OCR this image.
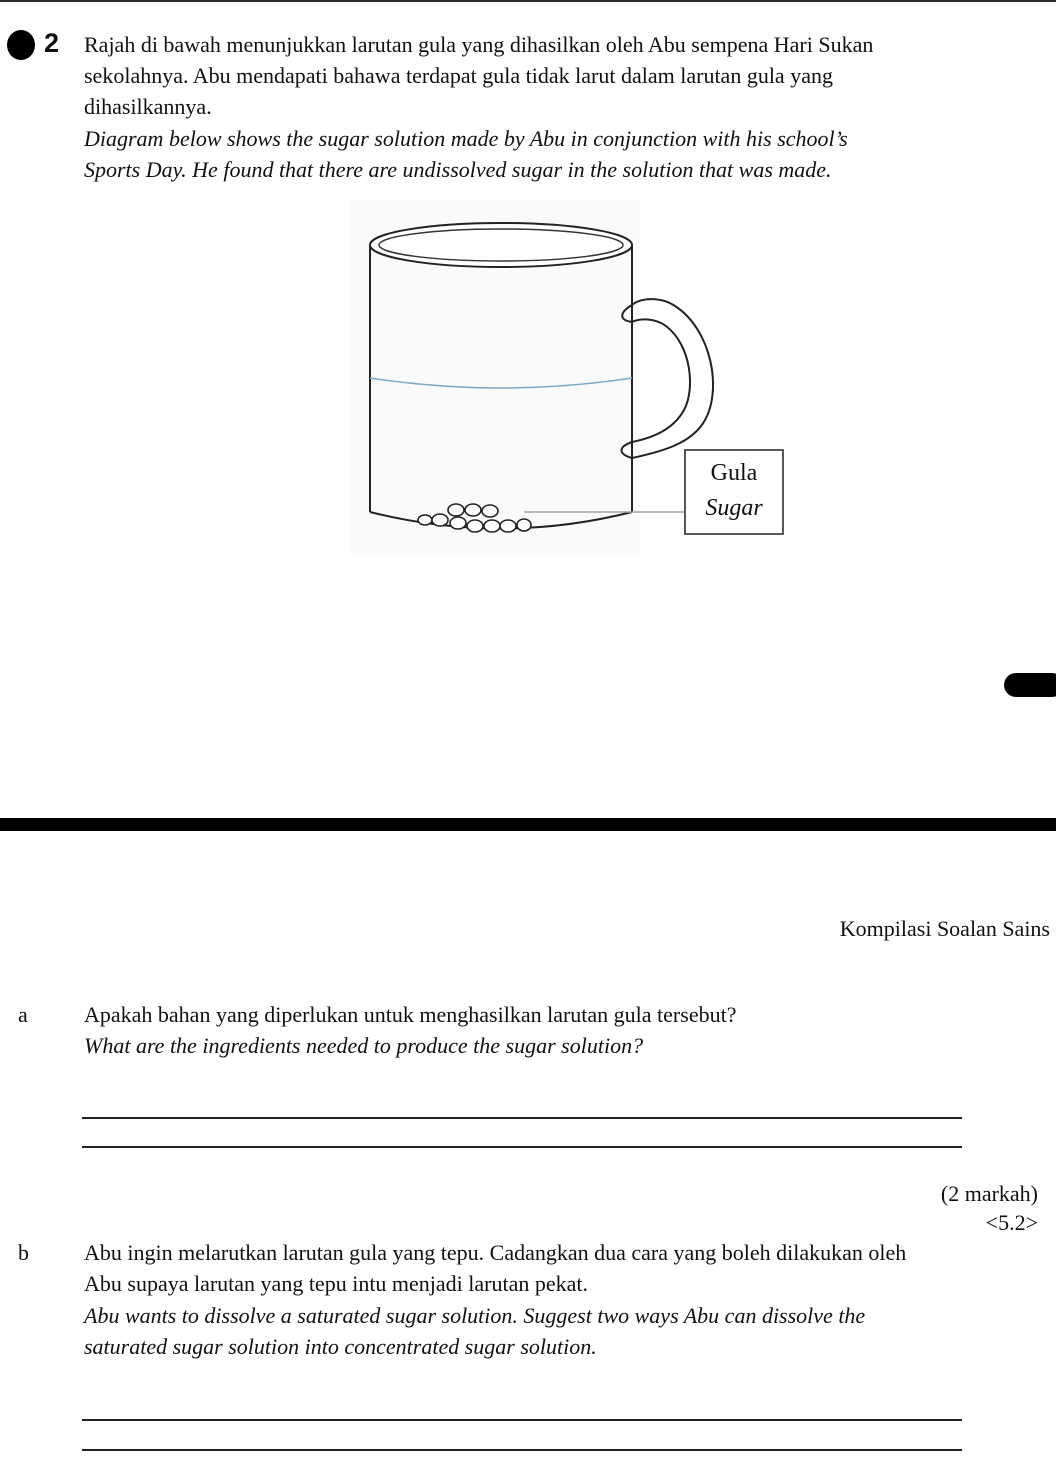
2 Rajah di bawah menunjukkan larutan gula yang dihasilkan oleh Abu sempena Hari Sukan
sekolahnya. Abu mendapati bahawa terdapat gula tidak larut dalam larutan gula yang
dihasilkannya.
Diagram below shows the sugar solution made by Abu in conjunction with his school’s
Sports Day. He found that there are undissolved sugar in the solution that was made.
Gula
Sugar
Kompilasi Soalan Sains
a	Apakah bahan yang diperlukan untuk menghasilkan larutan gula tersebut?
What are the ingredients needed to produce the sugar solution?
(2 markah)
<5.2>
b	Abu ingin melarutkan larutan gula yang tepu. Cadangkan dua cara yang boleh dilakukan oleh
Abu supaya larutan yang tepu intu menjadi larutan pekat.
Abu wants to dissolve a saturated sugar solution. Suggest two ways Abu can dissolve the
saturated sugar solution into concentrated sugar solution.
